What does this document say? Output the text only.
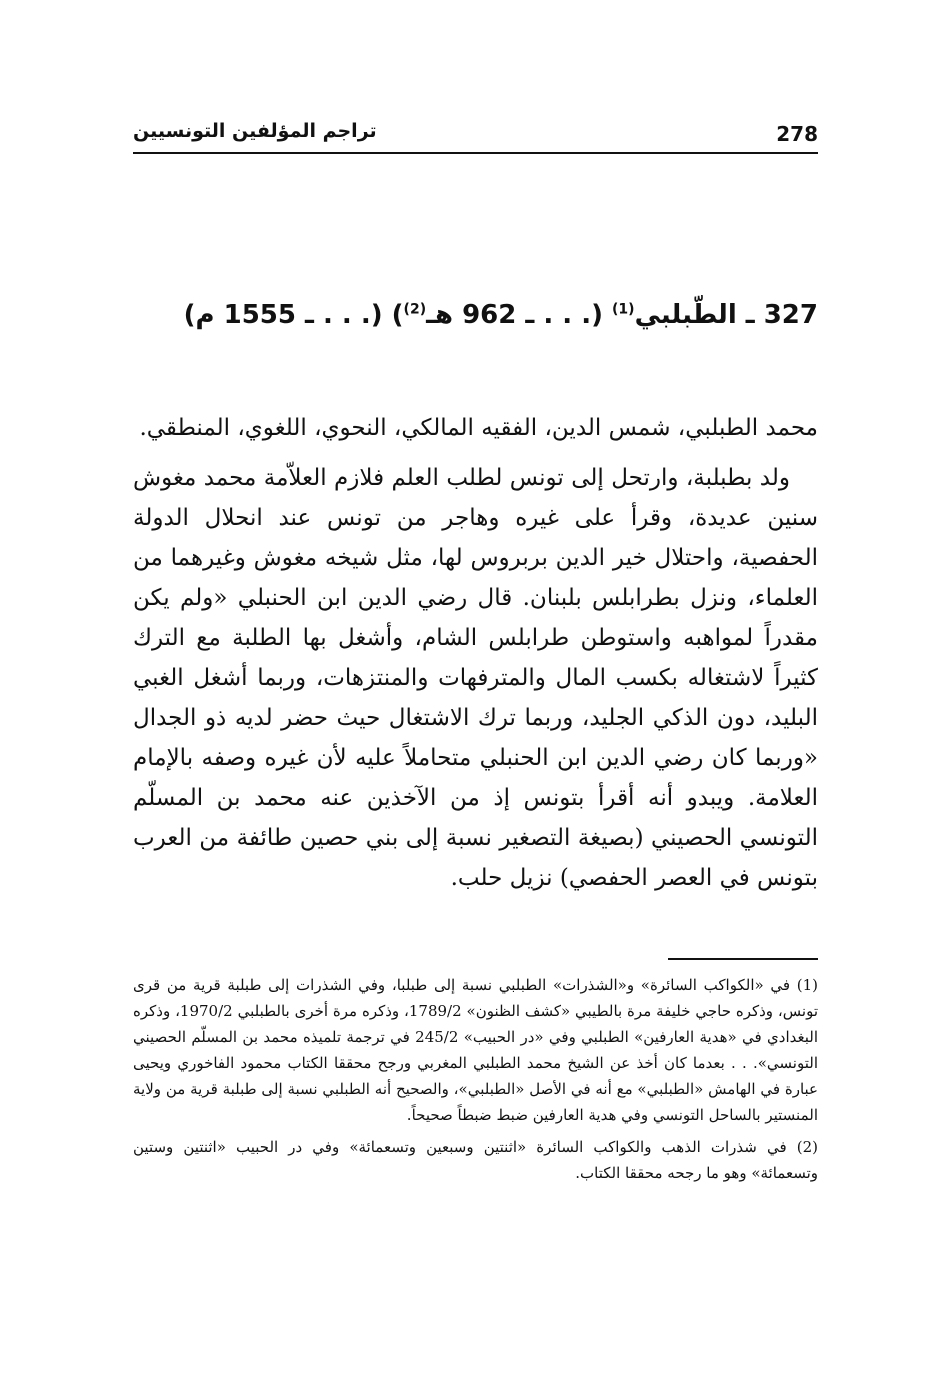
278
تراجم المؤلفين التونسيين
327 ـ الطّبلبي$^{(1)}$ (. . . ـ 962 هـ$^{(2)}$) (. . . ـ 1555 م)

محمد الطبلبي، شمس الدين، الفقيه المالكي، النحوي، اللغوي، المنطقي.

ولد بطبلبة، وارتحل إلى تونس لطلب العلم فلازم العلاّمة محمد مغوش سنين عديدة، وقرأ على غيره وهاجر من تونس عند انحلال الدولة الحفصية، واحتلال خير الدين بربروس لها، مثل شيخه مغوش وغيرهما من العلماء، ونزل بطرابلس بلبنان. قال رضي الدين ابن الحنبلي «ولم يكن مقدراً لمواهبه واستوطن طرابلس الشام، وأشغل بها الطلبة مع الترك كثيراً لاشتغاله بكسب المال والمترفهات والمنتزهات، وربما أشغل الغبي البليد، دون الذكي الجليد، وربما ترك الاشتغال حيث حضر لديه ذو الجدال «وربما كان رضي الدين ابن الحنبلي متحاملاً عليه لأن غيره وصفه بالإمام العلامة. ويبدو أنه أقرأ بتونس إذ من الآخذين عنه محمد بن المسلّم التونسي الحصيني (بصيغة التصغير نسبة إلى بني حصين طائفة من العرب بتونس في العصر الحفصي) نزيل حلب.

(1) في «الكواكب السائرة» و«الشذرات» الطبلبي نسبة إلى طبلبا، وفي الشذرات إلى طبلبة قرية من قرى تونس، وذكره حاجي خليفة مرة بالطيبي «كشف الظنون» 1789/2، وذكره مرة أخرى بالطبلبي 1970/2، وذكره البغدادي في «هدية العارفين» الطبلبي وفي «در الحبيب» 245/2 في ترجمة تلميذه محمد بن المسلّم الحصيني التونسي». . . بعدما كان أخذ عن الشيخ محمد الطبلبي المغربي ورجح محققا الكتاب محمود الفاخوري ويحيى عبارة في الهامش «الطبلبي» مع أنه في الأصل «الطبلبي»، والصحيح أنه الطبلبي نسبة إلى طبلبة قرية من ولاية المنستير بالساحل التونسي وفي هدية العارفين ضبط ضبطاً صحيحاً.

(2) في شذرات الذهب والكواكب السائرة «اثنتين وسبعين وتسعمائة» وفي در الحبيب «اثنتين وستين وتسعمائة» وهو ما رجحه محققا الكتاب.
